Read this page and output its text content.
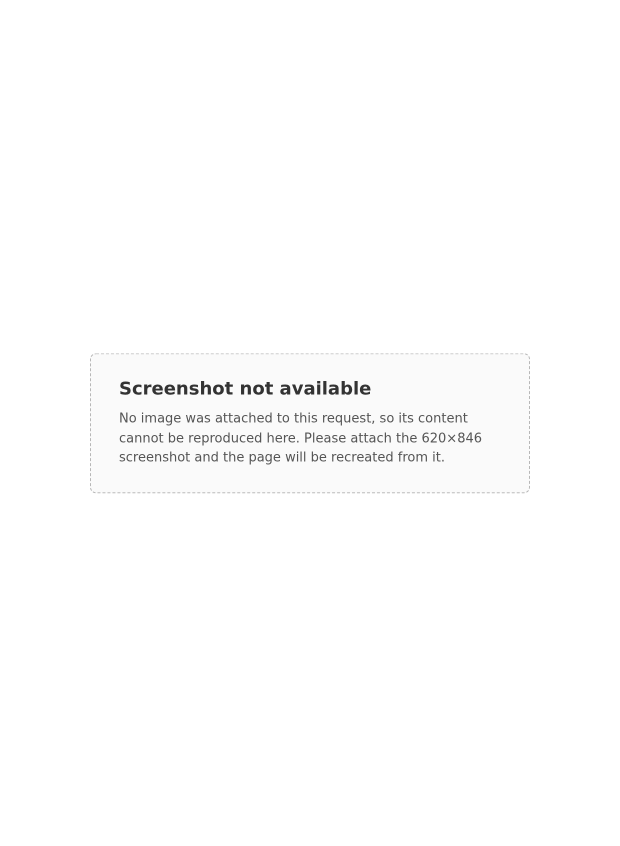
Screenshot not available

No image was attached to this request, so its content cannot be reproduced here. Please attach the 620×846 screenshot and the page will be recreated from it.
